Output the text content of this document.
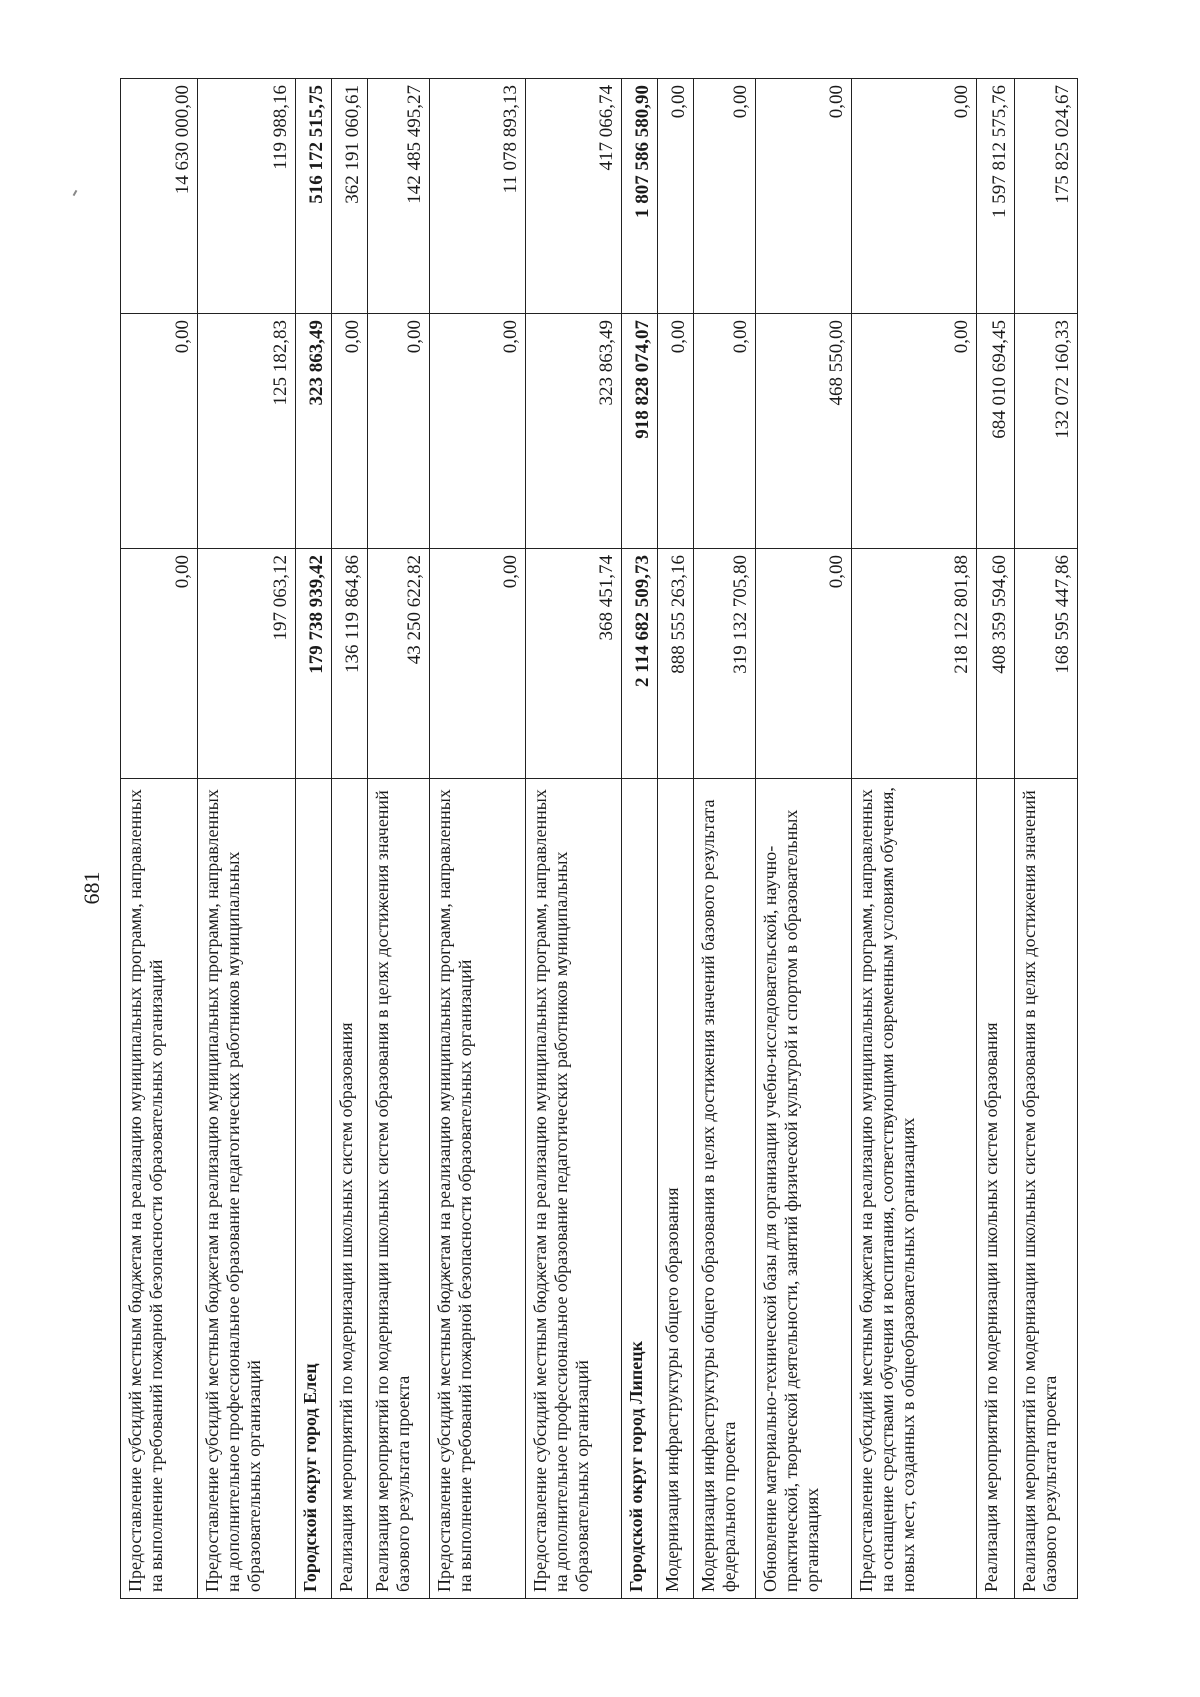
681	Предоставление субсидий местным бюджетам на реализацию муниципальных программ, направленных на выполнение требований пожарной безопасности образовательных организаций	0,00	0,00	14 630 000,00
Предоставление субсидий местным бюджетам на реализацию муниципальных программ, направленных на дополнительное профессиональное образование педагогических работников муниципальных образовательных организаций	197 063,12	125 182,83	119 988,16
Городской округ город Елец	179 738 939,42	323 863,49	516 172 515,75
Реализация мероприятий по модернизации школьных систем образования	136 119 864,86	0,00	362 191 060,61
Реализация мероприятий по модернизации школьных систем образования в целях достижения значений базового результата проекта	43 250 622,82	0,00	142 485 495,27
Предоставление субсидий местным бюджетам на реализацию муниципальных программ, направленных на выполнение требований пожарной безопасности образовательных организаций	0,00	0,00	11 078 893,13
Предоставление субсидий местным бюджетам на реализацию муниципальных программ, направленных на дополнительное профессиональное образование педагогических работников муниципальных образовательных организаций	368 451,74	323 863,49	417 066,74
Городской округ город Липецк	2 114 682 509,73	918 828 074,07	1 807 586 580,90
Модернизация инфраструктуры общего образования	888 555 263,16	0,00	0,00
Модернизация инфраструктуры общего образования в целях достижения значений базового результата федерального проекта	319 132 705,80	0,00	0,00
Обновление материально-технической базы для организации учебно-исследовательской, научно-практической, творческой деятельности, занятий физической культурой и спортом в образовательных организациях	0,00	468 550,00	0,00
Предоставление субсидий местным бюджетам на реализацию муниципальных программ, направленных на оснащение средствами обучения и воспитания, соответствующими современным условиям обучения, новых мест, созданных в общеобразовательных организациях	218 122 801,88	0,00	0,00
Реализация мероприятий по модернизации школьных систем образования	408 359 594,60	684 010 694,45	1 597 812 575,76
Реализация мероприятий по модернизации школьных систем образования в целях достижения значений базового результата проекта	168 595 447,86	132 072 160,33	175 825 024,67
